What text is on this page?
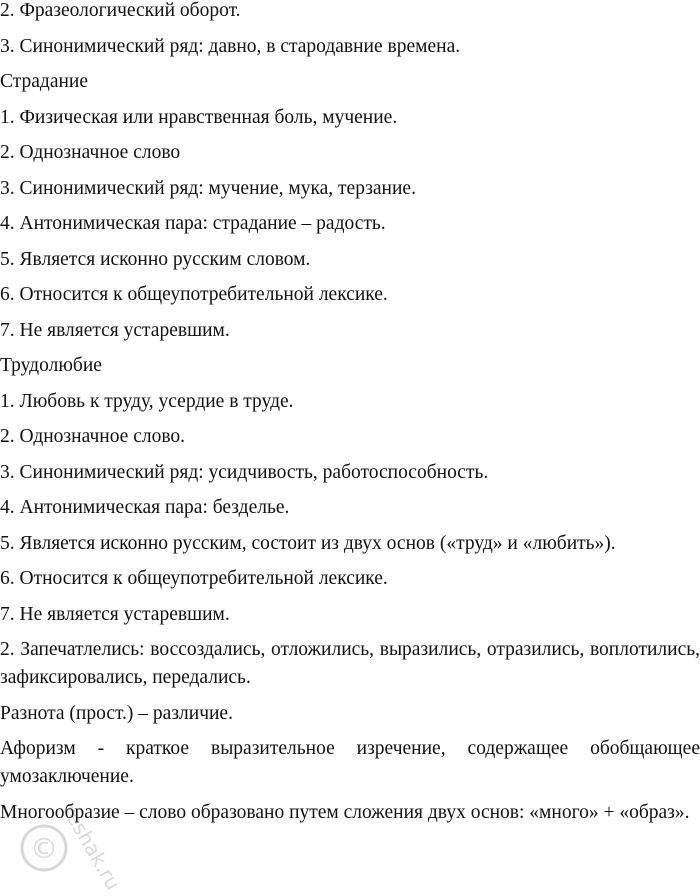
2. Фразеологический оборот.

3. Синонимический ряд: давно, в стародавние времена.

Страдание

1. Физическая или нравственная боль, мучение.

2. Однозначное слово

3. Синонимический ряд: мучение, мука, терзание.

4. Антонимическая пара: страдание – радость.

5. Является исконно русским словом.

6. Относится к общеупотребительной лексике.

7. Не является устаревшим.

Трудолюбие

1. Любовь к труду, усердие в труде.

2. Однозначное слово.

3. Синонимический ряд: усидчивость, работоспособность.

4. Антонимическая пара: безделье.

5. Является исконно русским, состоит из двух основ («труд» и «любить»).

6. Относится к общеупотребительной лексике.

7. Не является устаревшим.

2. Запечатлелись: воссоздались, отложились, выразились, отразились, воплотились, зафиксировались, передались.

Разнота (прост.) – различие.

Афоризм - краткое выразительное изречение, содержащее обобщающее умозаключение.

Многообразие – слово образовано путем сложения двух основ: «много» + «образ».

© reshak.ru
